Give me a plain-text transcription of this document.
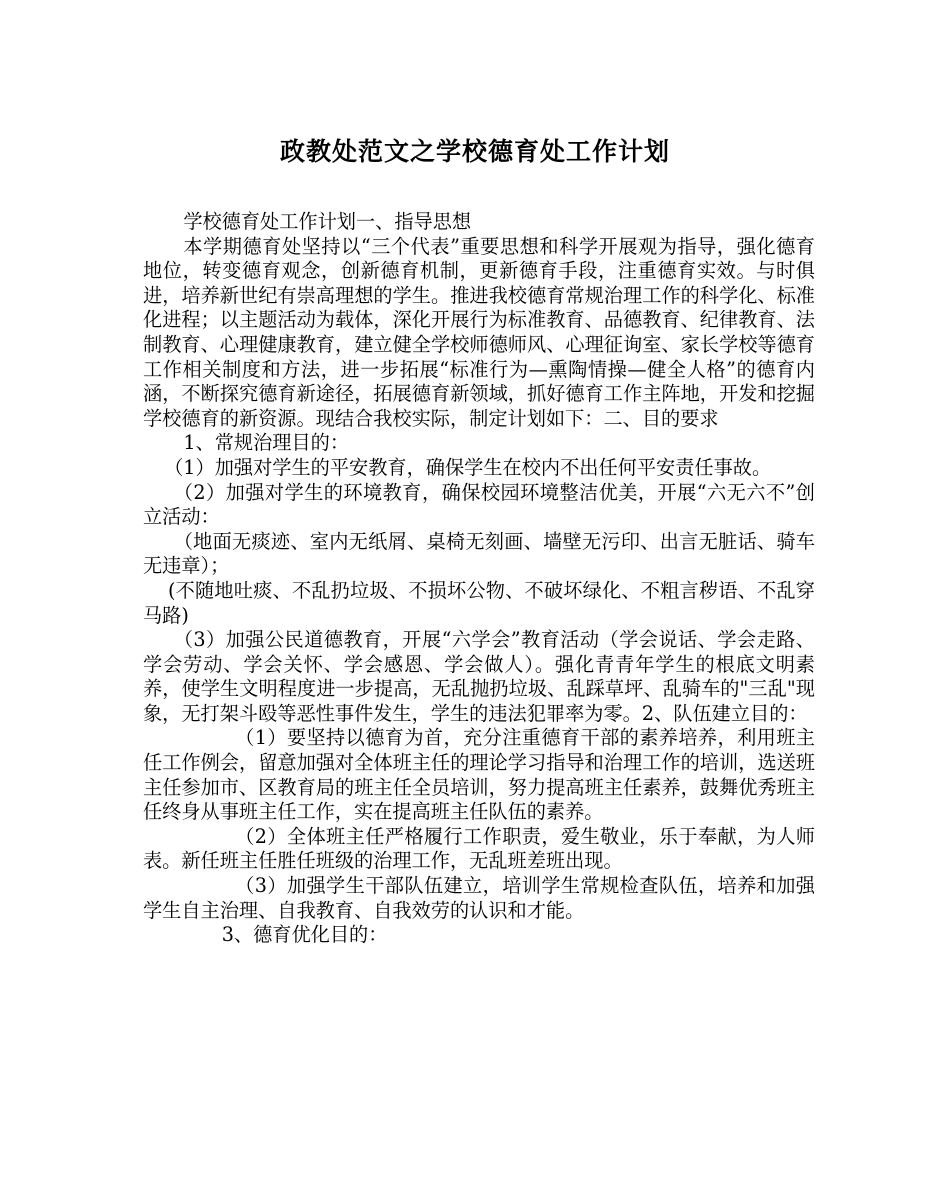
政教处范文之学校德育处工作计划

学校德育处工作计划一、指导思想

本学期德育处坚持以“三个代表”重要思想和科学开展观为指导，强化德育地位，转变德育观念，创新德育机制，更新德育手段，注重德育实效。与时俱进，培养新世纪有崇高理想的学生。推进我校德育常规治理工作的科学化、标准化进程；以主题活动为载体，深化开展行为标准教育、品德教育、纪律教育、法制教育、心理健康教育，建立健全学校师德师风、心理征询室、家长学校等德育工作相关制度和方法，进一步拓展“标准行为—熏陶情操—健全人格”的德育内涵，不断探究德育新途径，拓展德育新领域，抓好德育工作主阵地，开发和挖掘学校德育的新资源。现结合我校实际，制定计划如下：二、目的要求

1、常规治理目的：

（1）加强对学生的平安教育，确保学生在校内不出任何平安责任事故。

（2）加强对学生的环境教育，确保校园环境整洁优美，开展“六无六不”创立活动：

（地面无痰迹、室内无纸屑、桌椅无刻画、墙壁无污印、出言无脏话、骑车无违章）；

(不随地吐痰、不乱扔垃圾、不损坏公物、不破坏绿化、不粗言秽语、不乱穿马路)

（3）加强公民道德教育，开展“六学会”教育活动（学会说话、学会走路、学会劳动、学会关怀、学会感恩、学会做人）。强化青青年学生的根底文明素养，使学生文明程度进一步提高，无乱抛扔垃圾、乱踩草坪、乱骑车的"三乱"现象，无打架斗殴等恶性事件发生，学生的违法犯罪率为零。2、队伍建立目的：

（1）要坚持以德育为首，充分注重德育干部的素养培养，利用班主任工作例会，留意加强对全体班主任的理论学习指导和治理工作的培训，选送班主任参加市、区教育局的班主任全员培训，努力提高班主任素养，鼓舞优秀班主任终身从事班主任工作，实在提高班主任队伍的素养。

（2）全体班主任严格履行工作职责，爱生敬业，乐于奉献，为人师表。新任班主任胜任班级的治理工作，无乱班差班出现。

（3）加强学生干部队伍建立，培训学生常规检查队伍，培养和加强学生自主治理、自我教育、自我效劳的认识和才能。

3、德育优化目的：
